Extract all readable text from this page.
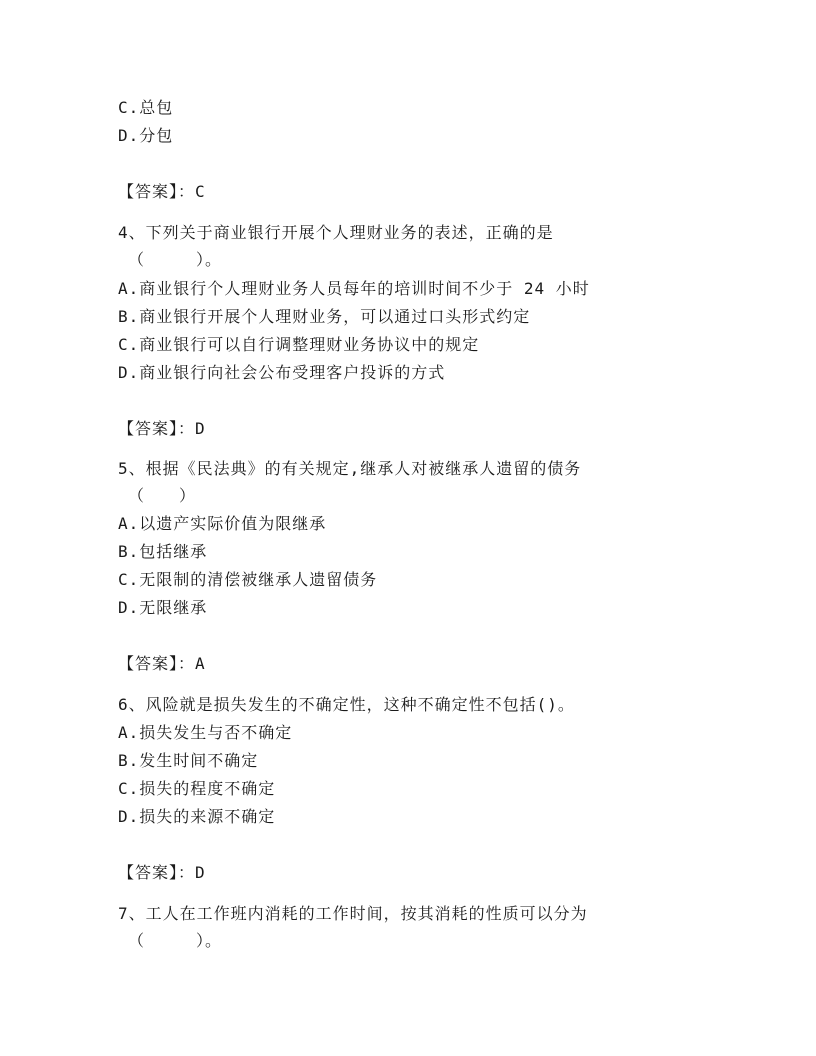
C.总包
D.分包
【答案】：C
4、下列关于商业银行开展个人理财业务的表述，正确的是
（　　　）。
A.商业银行个人理财业务人员每年的培训时间不少于 24 小时
B.商业银行开展个人理财业务，可以通过口头形式约定
C.商业银行可以自行调整理财业务协议中的规定
D.商业银行向社会公布受理客户投诉的方式
【答案】：D
5、根据《民法典》的有关规定,继承人对被继承人遗留的债务
（　　）
A.以遗产实际价值为限继承
B.包括继承
C.无限制的清偿被继承人遗留债务
D.无限继承
【答案】：A
6、风险就是损失发生的不确定性，这种不确定性不包括()。
A.损失发生与否不确定
B.发生时间不确定
C.损失的程度不确定
D.损失的来源不确定
【答案】：D
7、工人在工作班内消耗的工作时间，按其消耗的性质可以分为
（　　　）。
